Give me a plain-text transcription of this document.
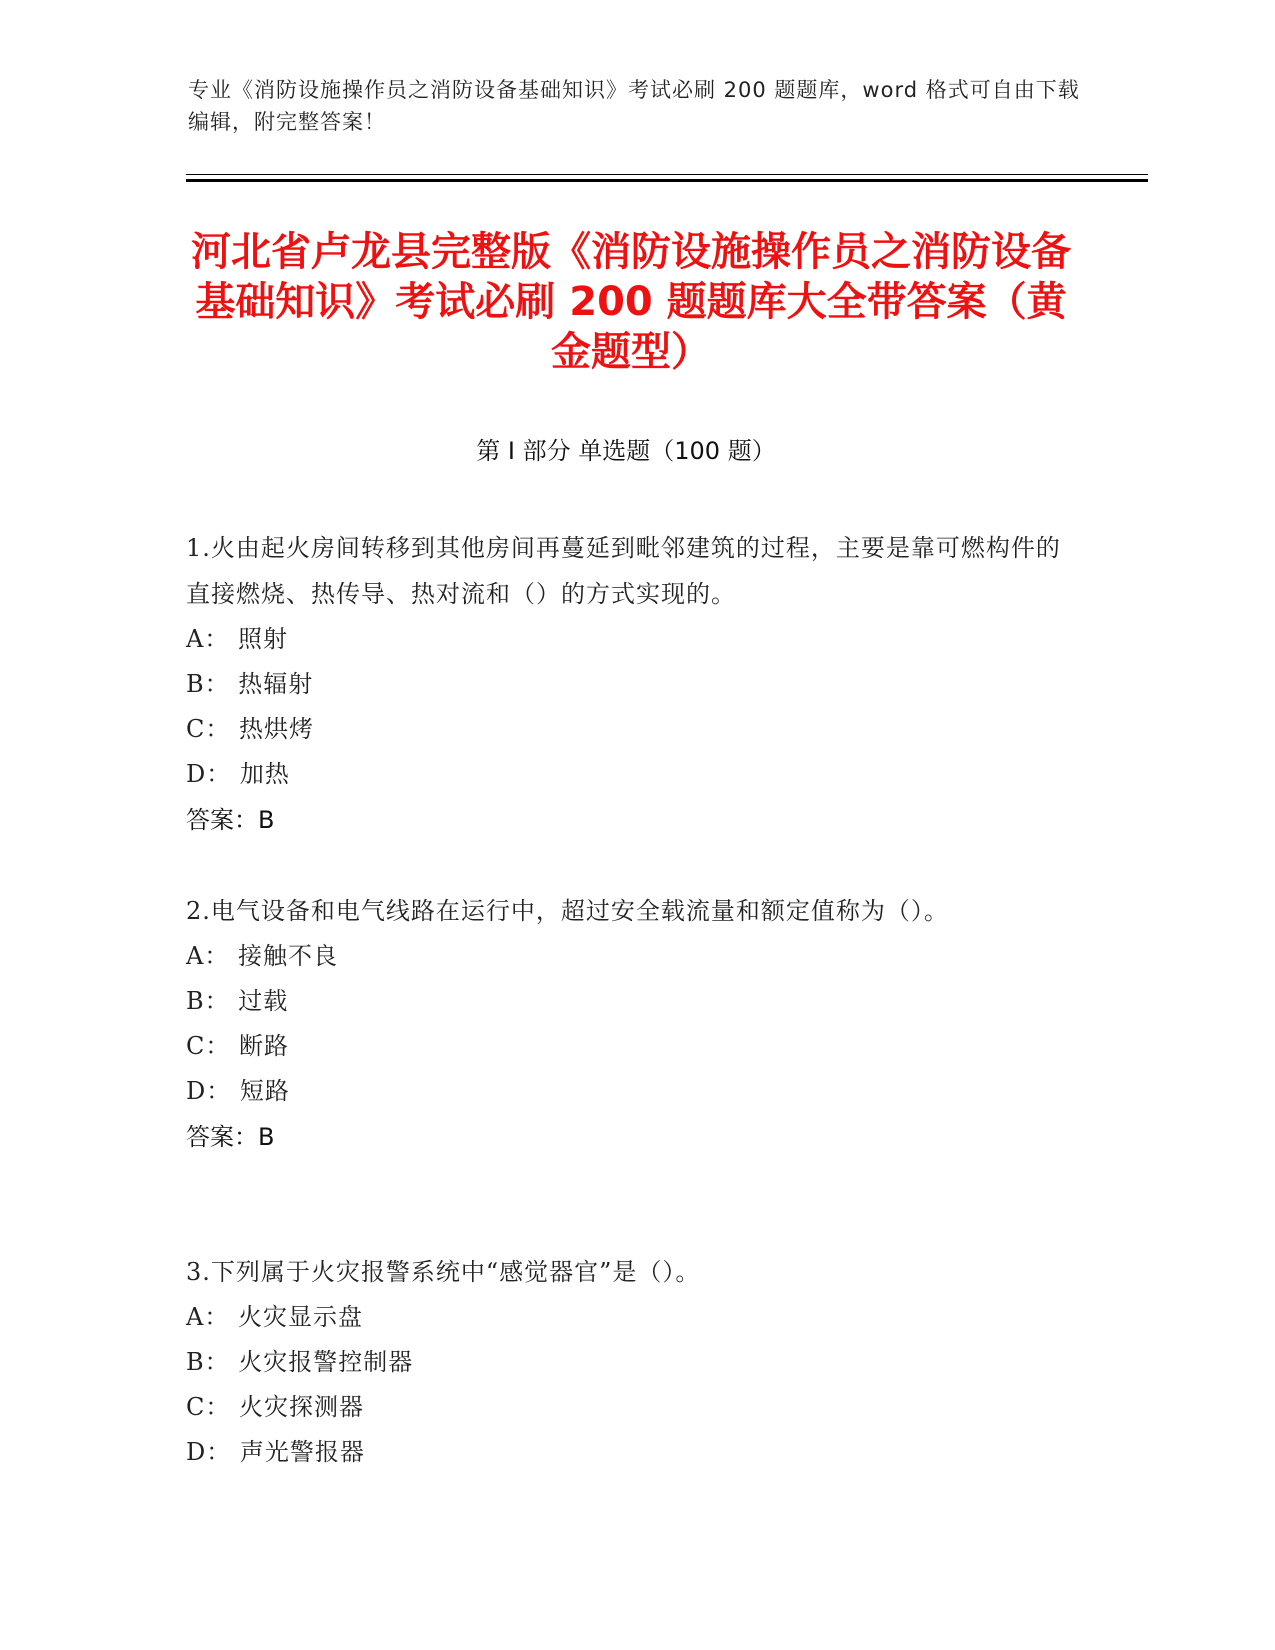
专业《消防设施操作员之消防设备基础知识》考试必刷 200 题题库，word 格式可自由下载编辑，附完整答案！
河北省卢龙县完整版《消防设施操作员之消防设备基础知识》考试必刷 200 题题库大全带答案（黄金题型）
第 I 部分 单选题（100 题）
1.火由起火房间转移到其他房间再蔓延到毗邻建筑的过程，主要是靠可燃构件的直接燃烧、热传导、热对流和（）的方式实现的。
A： 照射
B： 热辐射
C： 热烘烤
D： 加热
答案：B
2.电气设备和电气线路在运行中，超过安全载流量和额定值称为（）。
A： 接触不良
B： 过载
C： 断路
D： 短路
答案：B
3.下列属于火灾报警系统中“感觉器官”是（）。
A： 火灾显示盘
B： 火灾报警控制器
C： 火灾探测器
D： 声光警报器
